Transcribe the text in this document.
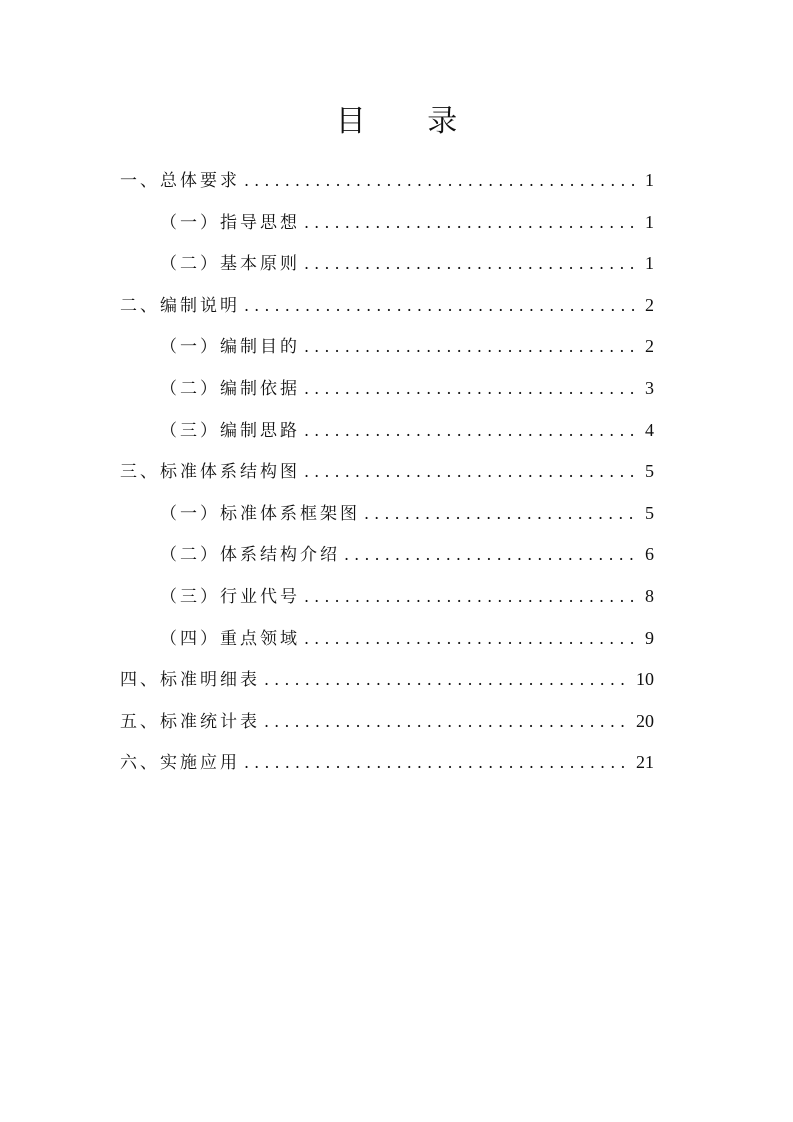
目 录
一、总体要求 . . .	1
（一）指导思想 . . .	1
（二）基本原则 . . .	1
二、编制说明 . . .	2
（一）编制目的 . . .	2
（二）编制依据 . . .	3
（三）编制思路 . . .	4
三、标准体系结构图 . . .	5
（一）标准体系框架图 . . .	5
（二）体系结构介绍 . . .	6
（三）行业代号 . . .	8
（四）重点领域 . . .	9
四、标准明细表 . . .	10
五、标准统计表 . . .	20
六、实施应用 . . .	21
